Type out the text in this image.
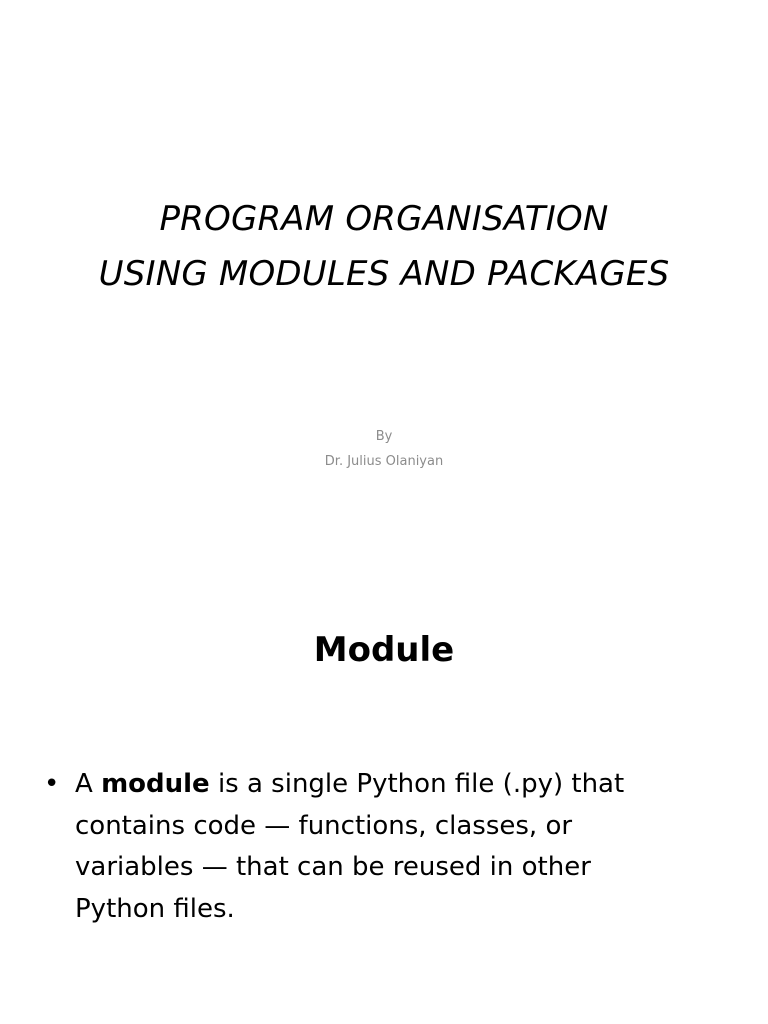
PROGRAM ORGANISATION
USING MODULES AND PACKAGES
By
Dr. Julius Olaniyan
Module
• A module is a single Python file (.py) that contains code — functions, classes, or variables — that can be reused in other Python files.
